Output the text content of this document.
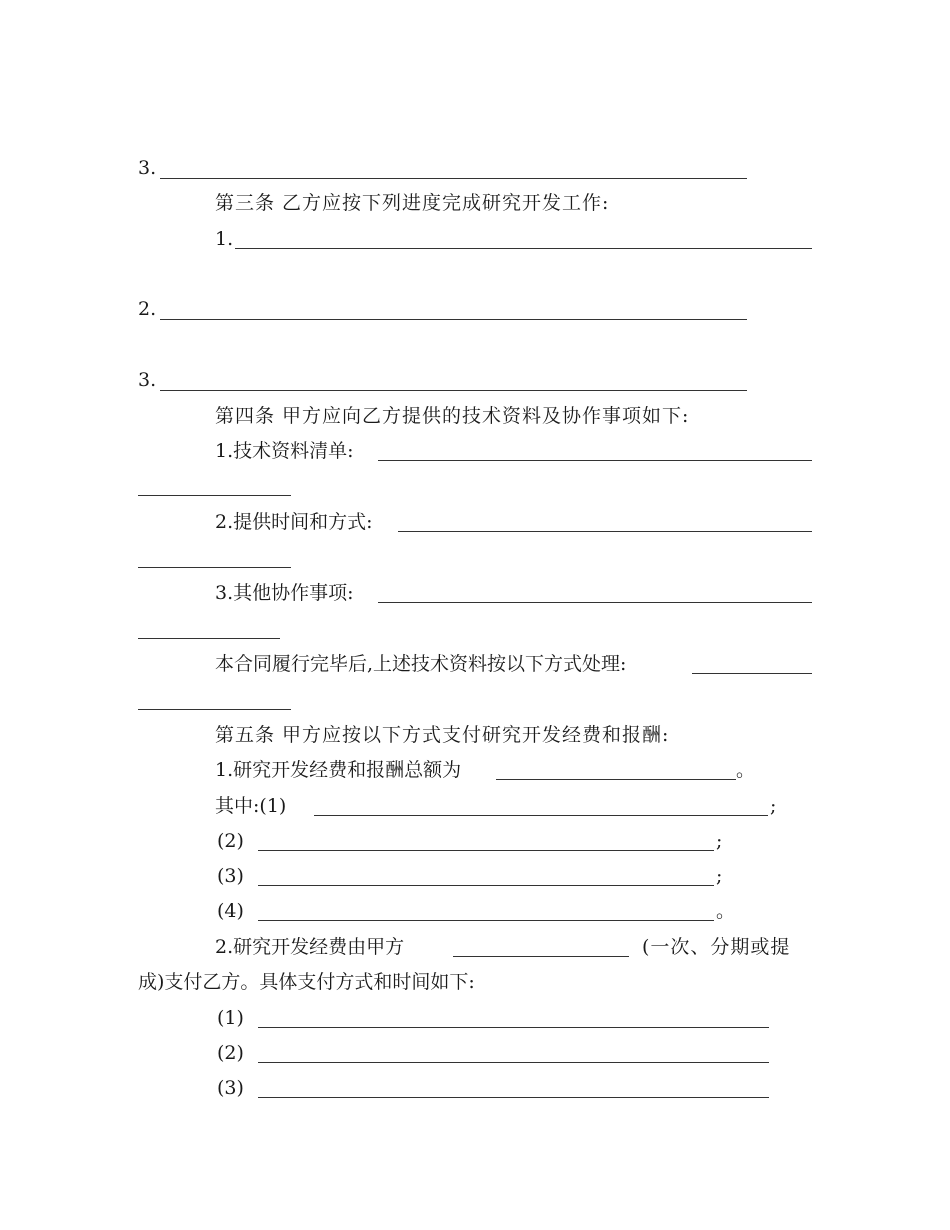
3.
第三条 乙方应按下列进度完成研究开发工作:
1.
2.
3.
第四条 甲方应向乙方提供的技术资料及协作事项如下:
1.技术资料清单:
2.提供时间和方式:
3.其他协作事项:
本合同履行完毕后,上述技术资料按以下方式处理:
第五条 甲方应按以下方式支付研究开发经费和报酬:
1.研究开发经费和报酬总额为	。
其中:(1)	;
(2)	;
(3)	;
(4)	。
2.研究开发经费由甲方	(一次、分期或提
成)支付乙方。具体支付方式和时间如下:
(1)
(2)
(3)
